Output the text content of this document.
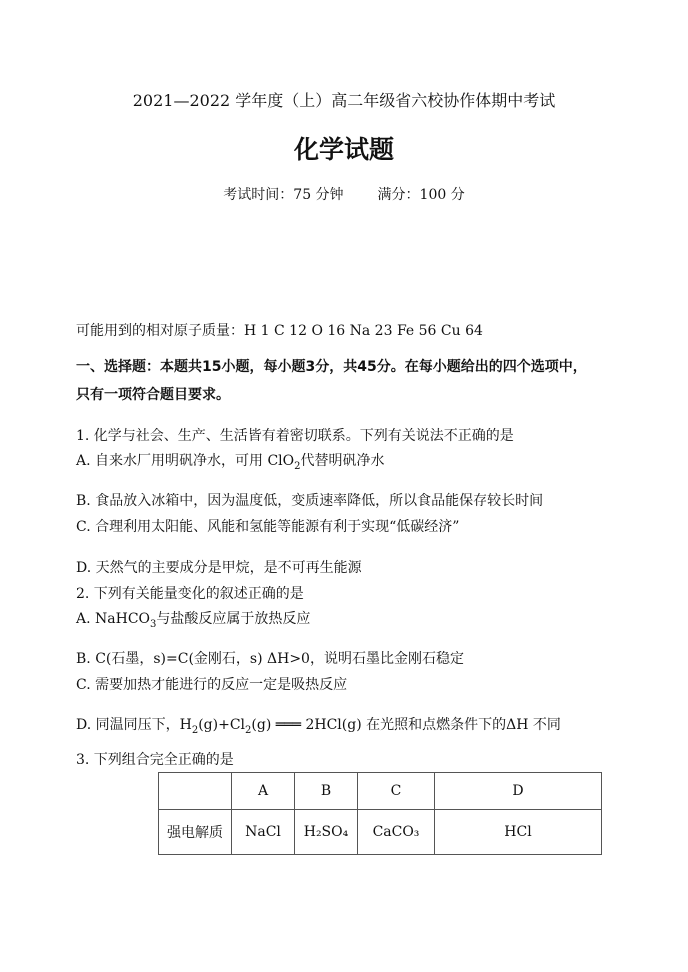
2021—2022 学年度（上）高二年级省六校协作体期中考试
化学试题
考试时间：75 分钟 满分：100 分
可能用到的相对原子质量：H 1 C 12 O 16 Na 23 Fe 56 Cu 64
一、选择题：本题共15小题，每小题3分，共45分。在每小题给出的四个选项中，
只有一项符合题目要求。
1. 化学与社会、生产、生活皆有着密切联系。下列有关说法不正确的是
A. 自来水厂用明矾净水，可用 ClO$_2$代替明矾净水
B. 食品放入冰箱中，因为温度低，变质速率降低，所以食品能保存较长时间
C. 合理利用太阳能、风能和氢能等能源有利于实现“低碳经济”
D. 天然气的主要成分是甲烷，是不可再生能源
2. 下列有关能量变化的叙述正确的是
A. NaHCO$_3$与盐酸反应属于放热反应
B. C(石墨，s)=C(金刚石，s) ΔH>0，说明石墨比金刚石稳定
C. 需要加热才能进行的反应一定是吸热反应
D. 同温同压下，$H_2(g)+Cl_2(g)$ ═══ 2HCl(g) 在光照和点燃条件下的ΔH 不同
3. 下列组合完全正确的是
	A	B	C	D
强电解质	NaCl	H₂SO₄	CaCO₃	HCl
